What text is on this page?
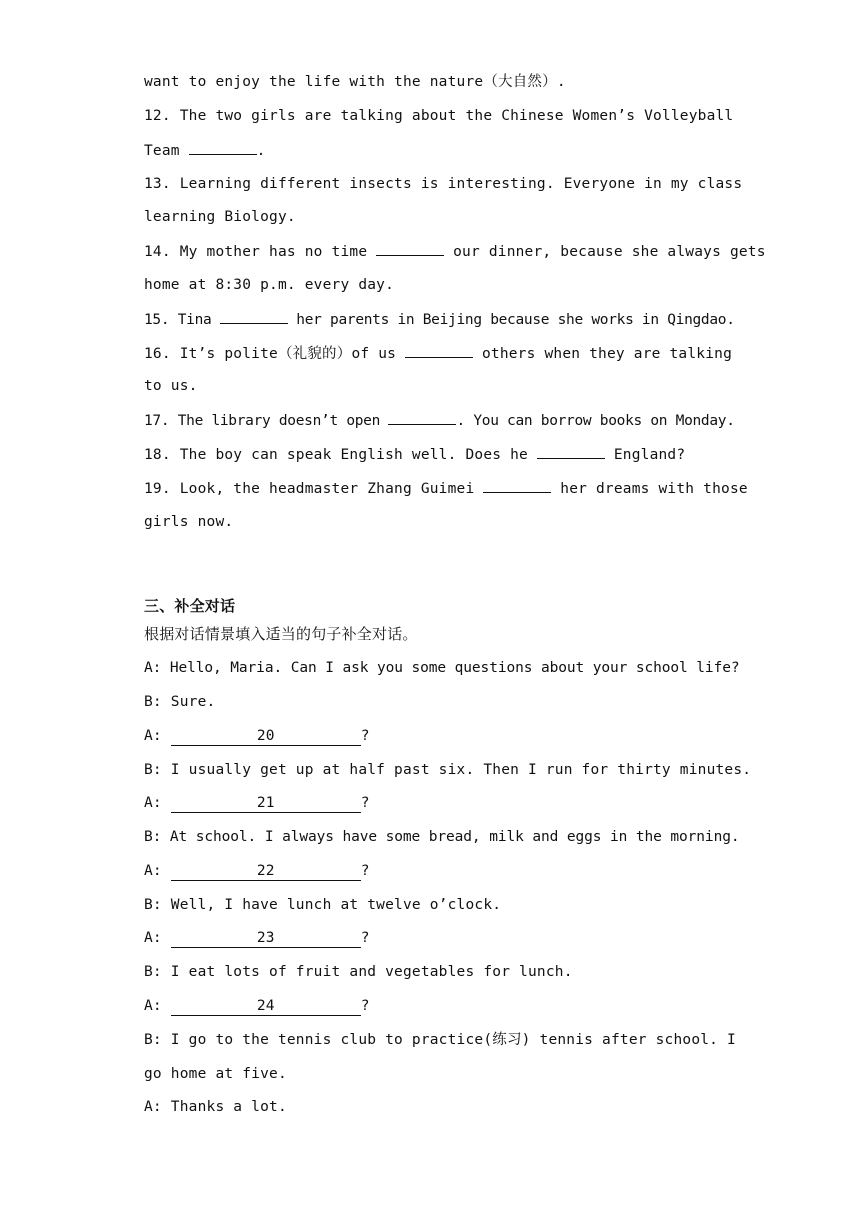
want to enjoy the life with the nature（大自然）.
12. The two girls are talking about the Chinese Women’s Volleyball
Team	.
13. Learning different insects is interesting. Everyone in my class
learning Biology.
14. My mother has no time	our dinner, because she always gets
home at 8:30 p.m. every day.
15. Tina	her parents in Beijing because she works in Qingdao.
16. It’s polite（礼貌的）of us	others when they are talking
to us.
17. The library doesn’t open	. You can borrow books on Monday.
18. The boy can speak English well. Does he	England?
19. Look, the headmaster Zhang Guimei	her dreams with those
girls now.
三、补全对话
根据对话情景填入适当的句子补全对话。
A: Hello, Maria. Can I ask you some questions about your school life?
B: Sure.
A:	20	?
B: I usually get up at half past six. Then I run for thirty minutes.
A:	21	?
B: At school. I always have some bread, milk and eggs in the morning.
A:	22	?
B: Well, I have lunch at twelve o’clock.
A:	23	?
B: I eat lots of fruit and vegetables for lunch.
A:	24	?
B: I go to the tennis club to practice(练习) tennis after school. I
go home at five.
A: Thanks a lot.
